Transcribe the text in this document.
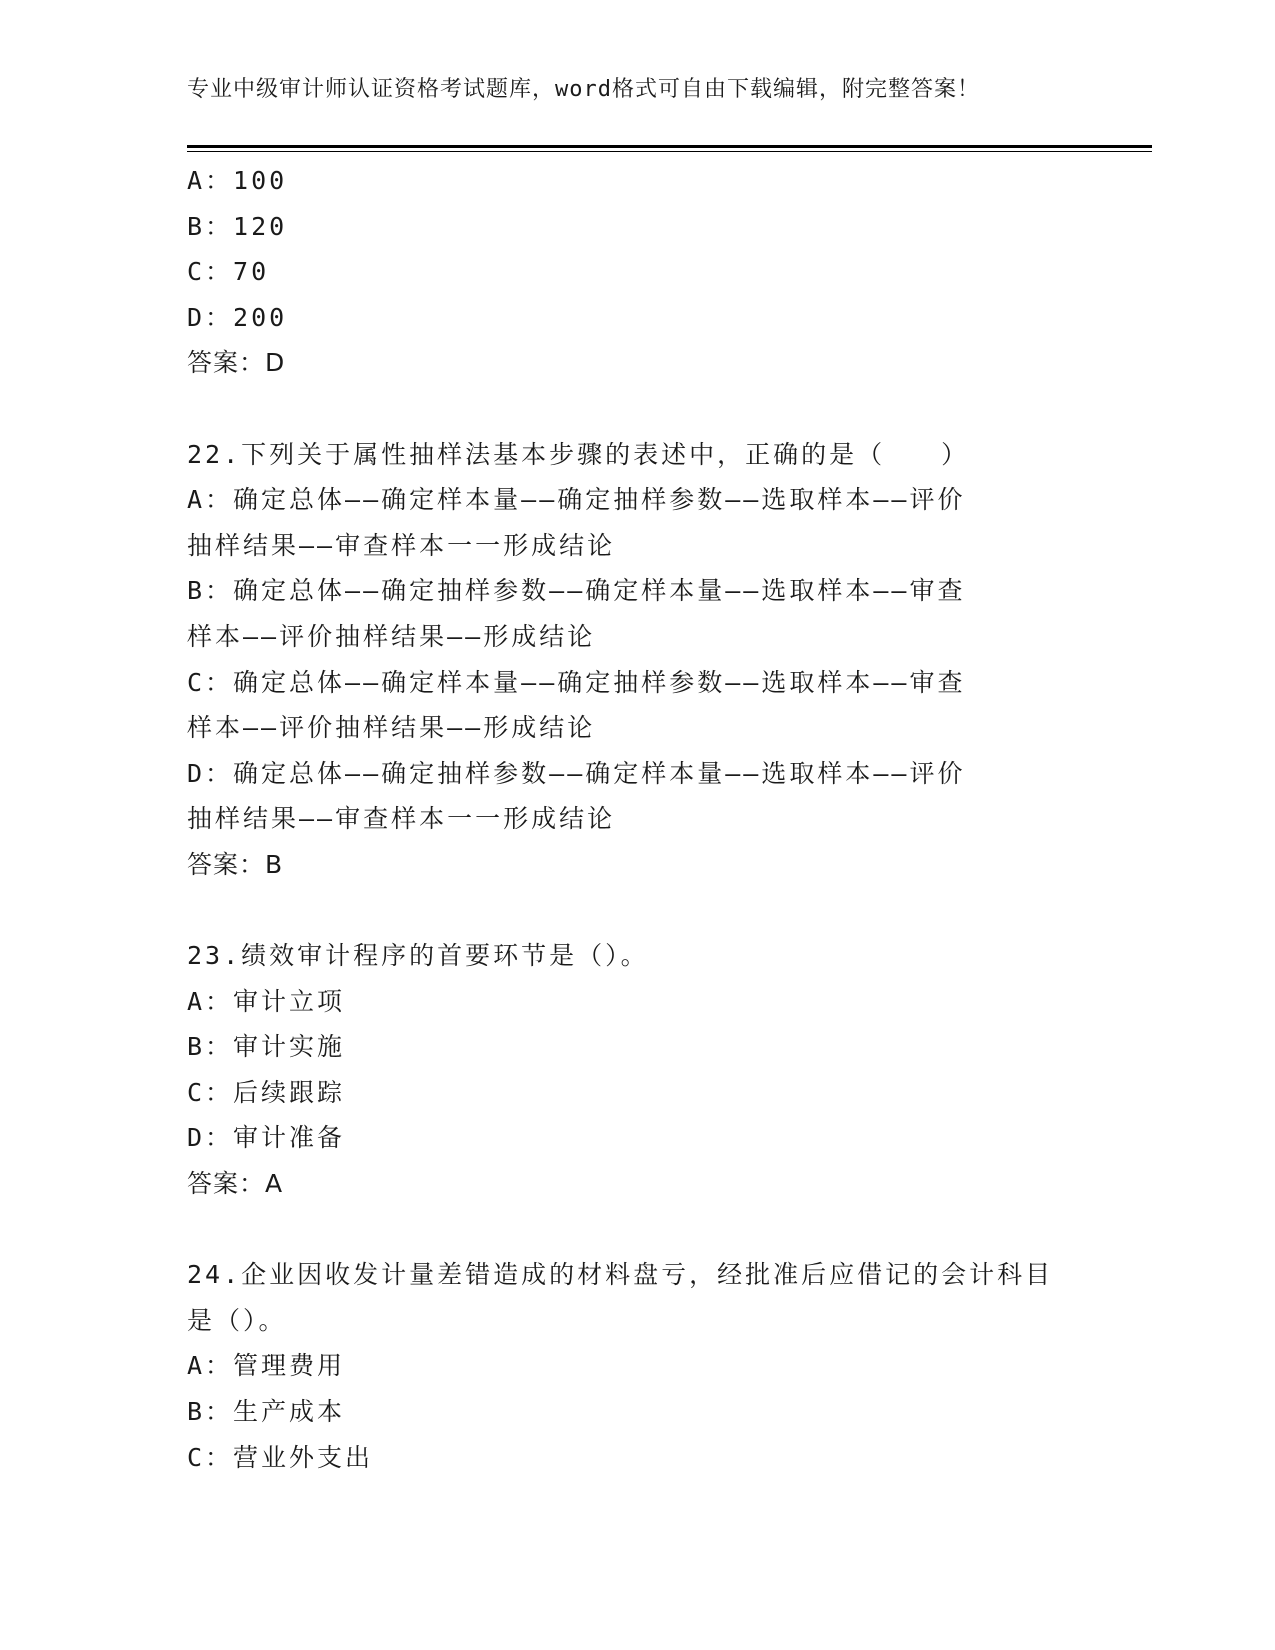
专业中级审计师认证资格考试题库，word格式可自由下载编辑，附完整答案！
A：100
B：120
C：70
D：200
答案：D
22.下列关于属性抽样法基本步骤的表述中，正确的是（　　）
A：确定总体——确定样本量——确定抽样参数——选取样本——评价
抽样结果——审查样本一一形成结论
B：确定总体——确定抽样参数——确定样本量——选取样本——审查
样本——评价抽样结果——形成结论
C：确定总体——确定样本量——确定抽样参数——选取样本——审查
样本——评价抽样结果——形成结论
D：确定总体——确定抽样参数——确定样本量——选取样本——评价
抽样结果——审查样本一一形成结论
答案：B
23.绩效审计程序的首要环节是（）。
A：审计立项
B：审计实施
C：后续跟踪
D：审计准备
答案：A
24.企业因收发计量差错造成的材料盘亏，经批准后应借记的会计科目
是（）。
A：管理费用
B：生产成本
C：营业外支出
